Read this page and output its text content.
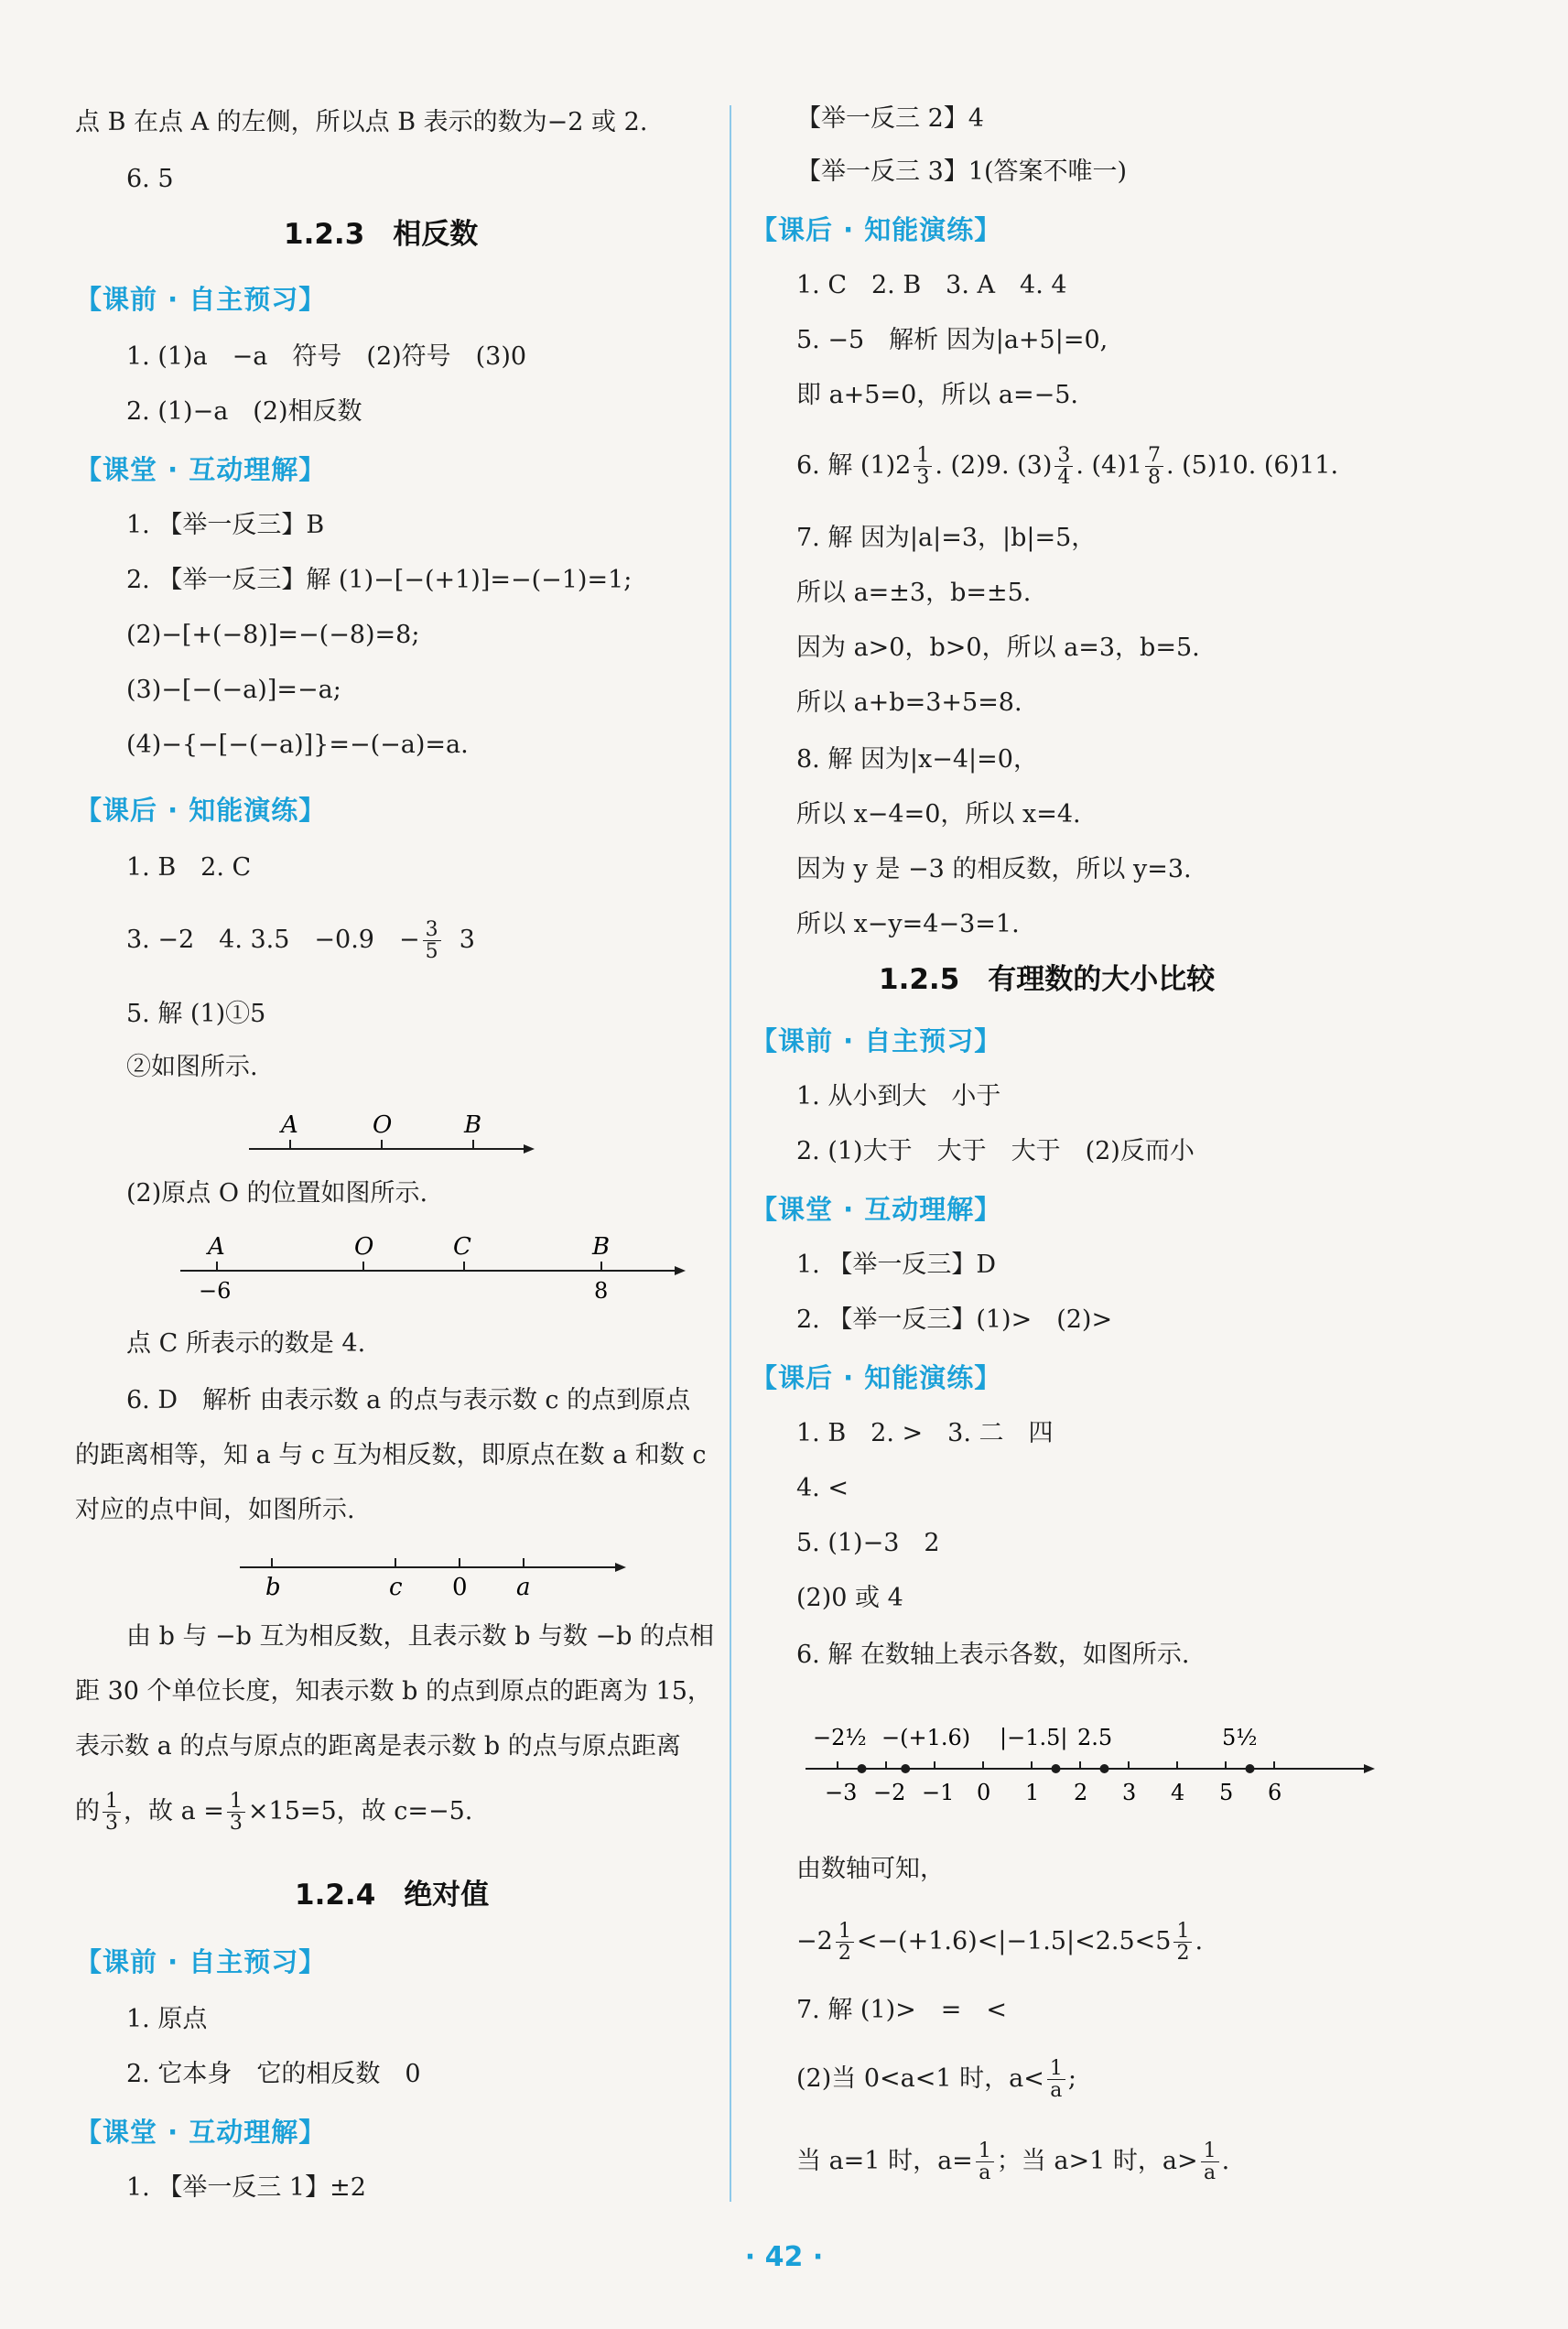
点 B 在点 A 的左侧，所以点 B 表示的数为−2 或 2.
6. 5
1.2.3　相反数
【课前 · 自主预习】
1. (1)a　−a　符号　(2)符号　(3)0
2. (1)−a　(2)相反数
【课堂 · 互动理解】
1. 【举一反三】B
2. 【举一反三】解 (1)−[−(+1)]=−(−1)=1;
(2)−[+(−8)]=−(−8)=8;
(3)−[−(−a)]=−a;
(4)−{−[−(−a)]}=−(−a)=a.
【课后 · 知能演练】
1. B　2. C
3. −2　4. 3.5　−0.9　− $\frac{3}{5} 3$
5. 解 (1)①5
②如图所示.
A	O	B
(2)原点 O 的位置如图所示.
A	O	C	B
−6	8
点 C 所表示的数是 4.
6. D　解析 由表示数 a 的点与表示数 c 的点到原点
的距离相等，知 a 与 c 互为相反数，即原点在数 a 和数 c
对应的点中间，如图所示.
b	c 0 a
由 b 与 −b 互为相反数，且表示数 b 与数 −b 的点相
距 30 个单位长度，知表示数 b 的点到原点的距离为 15，
表示数 a 的点与原点的距离是表示数 b 的点与原点距离
的 $\frac{1}{3}$ ，故 $a = \frac{1}{3} \times 15=5$，故 c=−5.
1.2.4　绝对值
【课前 · 自主预习】
1. 原点
2. 它本身　它的相反数　0
【课堂 · 互动理解】
1. 【举一反三 1】±2
【举一反三 2】4
【举一反三 3】1(答案不唯一)
【课后 · 知能演练】
1. C　2. B　3. A　4. 4
5. −5　解析 因为|a+5|=0,
即 a+5=0，所以 a=−5.
6. 解 $(1)2 \frac{1}{3}$ . (2)9. $(3) \frac{3}{4}$ . $(4)1 \frac{7}{8}$ . (5)10. (6)11.
7. 解 因为|a|=3，|b|=5，
所以 a=±3，b=±5.
因为 a>0，b>0，所以 a=3，b=5.
所以 a+b=3+5=8.
8. 解 因为|x−4|=0，
所以 x−4=0，所以 x=4.
因为 y 是 −3 的相反数，所以 y=3.
所以 x−y=4−3=1.
1.2.5　有理数的大小比较
【课前 · 自主预习】
1. 从小到大　小于
2. (1)大于　大于　大于　(2)反而小
【课堂 · 互动理解】
1. 【举一反三】D
2. 【举一反三】(1)>　(2)>
【课后 · 知能演练】
1. B　2. >　3. 二　四
4. <
5. (1)−3　2
(2)0 或 4
6. 解 在数轴上表示各数，如图所示.
−3 −2 −1 0 1 2 3 4 5 6
−2½ −(+1.6) |−1.5| 2.5	5½
由数轴可知，
$-2 \frac{1}{2} <-(+1.6)<|-1.5|<2.5<5 \frac{1}{2}$ .
7. 解 (1)>　=　<
(2)当 0<a<1 时，$a< \frac{1}{a}$ ;
当 a=1 时，$a= \frac{1}{a}$ ；当 a>1 时，$a> \frac{1}{a}$ .
· 42 ·
